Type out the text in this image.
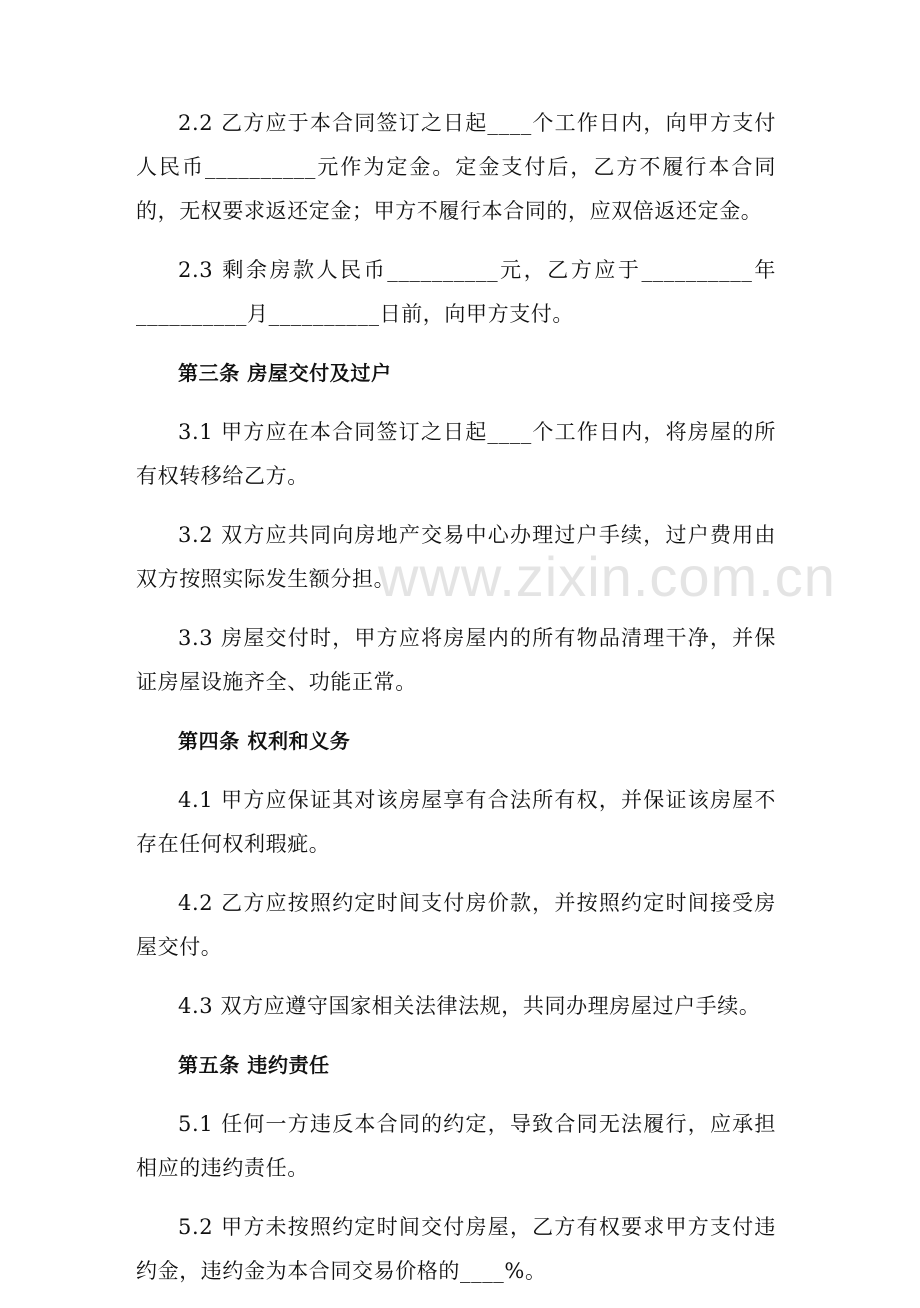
2.2 乙方应于本合同签订之日起____个工作日内，向甲方支付人民币__________元作为定金。定金支付后，乙方不履行本合同的，无权要求返还定金；甲方不履行本合同的，应双倍返还定金。

2.3 剩余房款人民币__________元，乙方应于__________年__________月__________日前，向甲方支付。

第三条 房屋交付及过户

3.1 甲方应在本合同签订之日起____个工作日内，将房屋的所有权转移给乙方。

3.2 双方应共同向房地产交易中心办理过户手续，过户费用由双方按照实际发生额分担。

3.3 房屋交付时，甲方应将房屋内的所有物品清理干净，并保证房屋设施齐全、功能正常。

第四条 权利和义务

4.1 甲方应保证其对该房屋享有合法所有权，并保证该房屋不存在任何权利瑕疵。

4.2 乙方应按照约定时间支付房价款，并按照约定时间接受房屋交付。

4.3 双方应遵守国家相关法律法规，共同办理房屋过户手续。

第五条 违约责任

5.1 任何一方违反本合同的约定，导致合同无法履行，应承担相应的违约责任。

5.2 甲方未按照约定时间交付房屋，乙方有权要求甲方支付违约金，违约金为本合同交易价格的____%。

www.zixin.com.cn
